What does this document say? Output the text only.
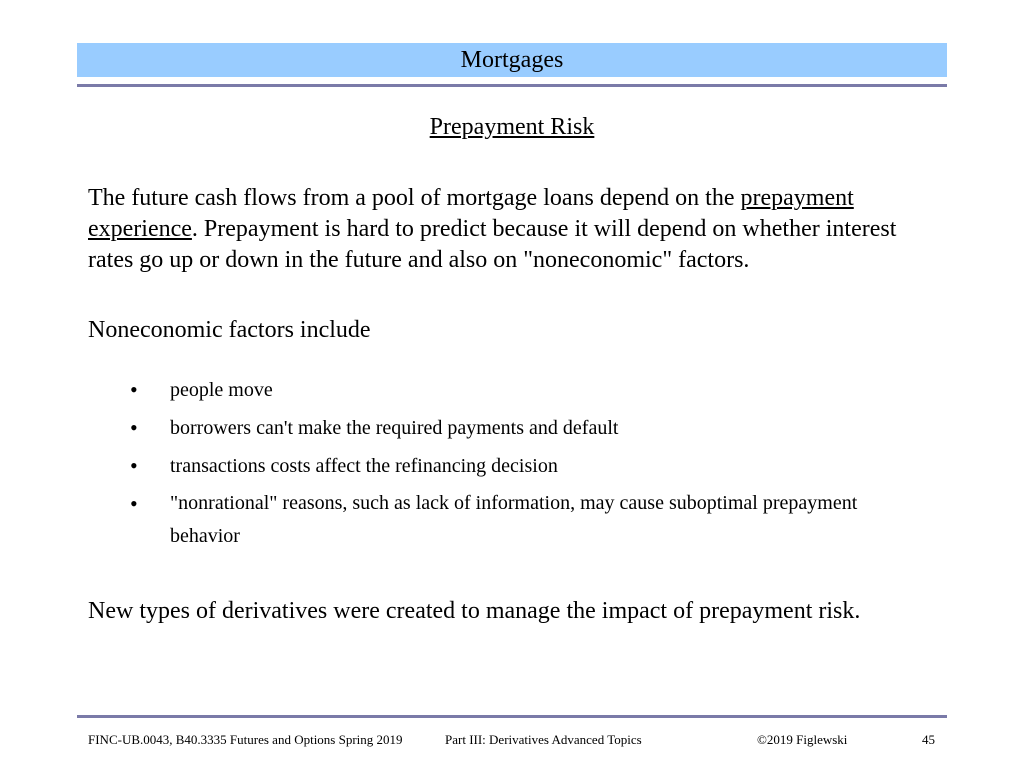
Mortgages
Prepayment Risk
The future cash flows from a pool of mortgage loans depend on the prepayment experience. Prepayment is hard to predict because it will depend on whether interest rates go up or down in the future and also on "noneconomic" factors.
Noneconomic factors include
•	people move
•	borrowers can't make the required payments and default
•	transactions costs affect the refinancing decision
•	"nonrational" reasons, such as lack of information, may cause suboptimal prepayment behavior
New types of derivatives were created to manage the impact of prepayment risk.
FINC-UB.0043, B40.3335 Futures and Options Spring 2019	Part III: Derivatives Advanced Topics	©2019 Figlewski	45
